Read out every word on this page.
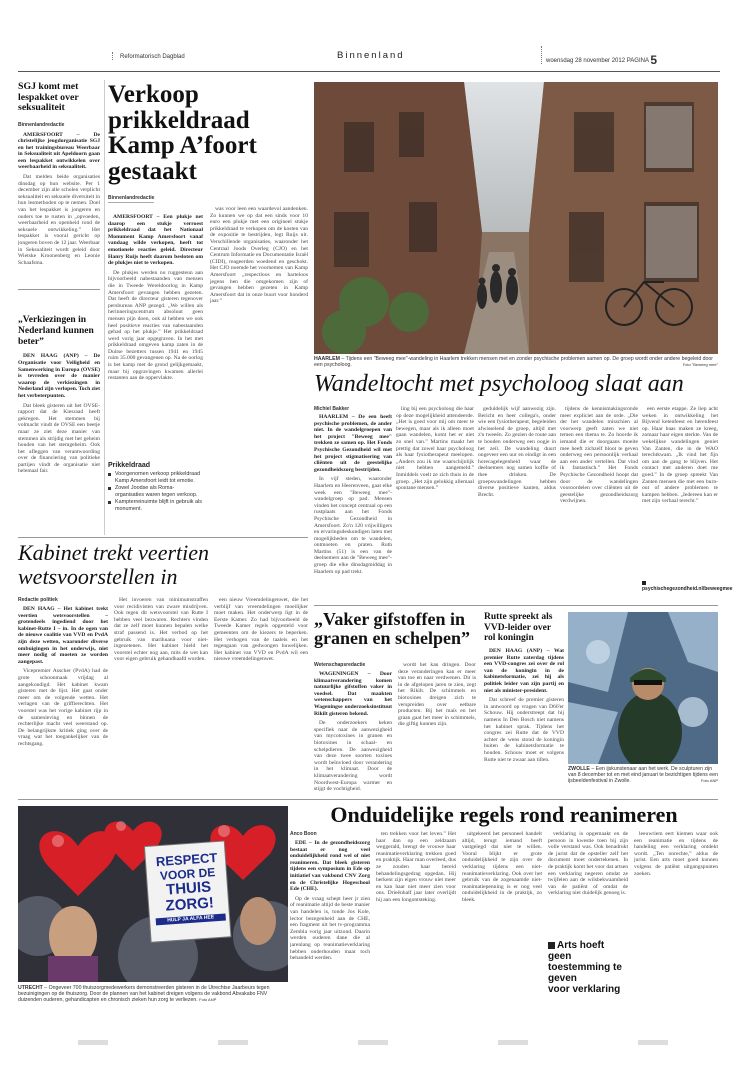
Reformatorisch Dagblad	Binnenland	woensdag 28 november 2012 PAGINA 5
SGJ komt met lespakket over seksualiteit
Binnenlandredactie

AMERSFOORT – De christelijke jeugdorganisatie SGJ en het trainingsbureau Weerbaar in Seksualiteit uit Apeldoorn gaan een lespakket ontwikkelen over weerbaarheid in seksualiteit.

Dat melden beide organisaties dinsdag op hun website. Per 1 december zijn alle scholen verplicht seksualiteit en seksuele diversiteit in hun lesmethoden op te nemen. Doel van het lespakket is jongeren en ouders toe te rusten in „opvoeden, weerbaarheid en openheid rond de seksuele ontwikkeling.” Het lespakket is vooral gericht op jongeren boven de 12 jaar. Weerbaar in Seksualiteit wordt geleid door Wietske Kroonenberg en Leonie Schaafsma.

„Verkiezingen in Nederland kunnen beter”

DEN HAAG (ANP) – De Organisatie voor Veiligheid en Samenwerking in Europa (OVSE) is tevreden over de manier waarop de verkiezingen in Nederland zijn verlopen. Toch ziet het verbeterpunten.

Dat bleek gisteren uit het OVSE-rapport dat de Kiesraad heeft gekregen. Het stemmen bij volmacht vindt de OVSE een beetje maar ze ziet deze manier van stemmen als strijdig met het geheim houden van het stemgeheim. Ook het afleggen van verantwoording over de financiering van politieke partijen vindt de organisatie niet helemaal fair.

Verkoop prikkeldraad Kamp A’foort gestaakt
Binnenlandredactie

AMERSFOORT – Een plukje net daarop een stukje verroest prikkeldraad dat het Nationaal Monument Kamp Amersfoort vanaf vandaag wilde verkopen, heeft tot emotionele reacties geleid. Directeur Hanry Ruijs heeft daarom besloten om de plukjes niet te verkopen.

De plukjes werden nu ruggesteun aan bijvoorbeeld nabestaanden van mensen die in Tweede Wereldoorlog in Kamp Amersfoort gevangen hebben gezeten. Dat heeft de directeur gisteren tegenover persbureau ANP gezegd. „We willen als herinneringscentrum absoluut geen mensen pijn doen, ook al hebben we ook heel positieve reacties van nabestaanden gehad op het plukje.” Het prikkeldraad werd vorig jaar opgegraven. In het met prikkeldraad omgeven kamp zaten in de Duitse bezetters tussen 1941 en 1945 ruim 35.000 gevangenen op. Na de oorlog is het kamp met de grond gelijkgemaakt, maar bij opgravingen kwamen allerlei restanten aan de oppervlakte.

was voor leen een waardevol aandenken. Zo kunnen we op dat een sinds voor 10 euro een plukje met een origineel stukje prikkeldraad te verkopen om de kosten van de expositie te bestrijden, legt Ruijs uit. Verschillende organisaties, waaronder het Centraal Joods Overleg (CJO) en het Centrum Informatie en Documentatie Israël (CIDI), reageerden woedend en geschokt. Het CJO noemde het voornemen van Kamp Amersfoort „respectloos en harteloos jegens hen die omgekomen zijn of gevangen hebben gezeten in Kamp Amersfoort dat in onze buurt voor honderd jaar.”

Prikkeldraad
Voorgenomen verkoop prikkeldraad Kamp Amersfoort leidt tot emotie.
Zowel Joodse als Roma-organisaties waren tegen verkoop.
Kampterreinuimte blijft in gebruik als monument.
HAARLEM – Tijdens een "Beweeg mee"-wandeling in Haarlem trekken mensen met en zonder psychische problemen samen op. De groep wordt onder andere begeleid door een psycholoog.	Foto "Beweeg mee"
Wandeltocht met psycholoog slaat aan
Michiel Bakker

HAARLEM – De een heeft psychische problemen, de ander niet. In de wandelgroepen van het project "Beweeg mee" trekken ze samen op. Het Fonds Psychische Gezondheid wil met het project stigmatisering van cliënten uit de geestelijke gezondheidszorg bestrijden.

In vijf steden, waaronder Haarlem en Heerenveen, gaat elke week een "Beweeg mee"-wandelgroep op pad. Mensen vinden het concept centraal op een rustplaats aan het Fonds Psychische Gezondheid in Amersfoort. Zo'n 120 vrijwilligers en ervaringsdeskundigen laten met mogelijkheden om te wandelen, ontmoeten en praten. Ruth Martins (51) is een van de deelnemers aan de "Beweeg mee"-groep die elke dinsdagmiddag in Haarlem op pad trekt.

ling bij een psycholoog die haar op deze mogelijkheid attendeerde. „Het is goed voor mij om meer te bewegen, maar als ik alleen moet gaan wandelen, komt het er niet zo snel van.” Martins maakt het prettig dat zowel haar psycholoog als haar fysiotherapeut meelopen. „Anders zou ik me waarschijnlijk niet hebben aangemeld.” Inmiddels voelt ze zich thuis in de groep. „Het zijn gelukkig allemaal spontane mensen.”

geduldelijk wijf aanwezig zijn. Bericht en heer collega's, onder wie een fysiotherapeut, begeleiden afwisselend de groep, altijd met z'n tweeën. Zo gezien de route aan te houden onderweg een oogje in het zeil. De wandeling duurt ongeveer een uur en eindigt in een horecagelegenheid waar de deelnemers nog samen koffie of thee drinken. De groepswandelingen hebben diverse positieve kanten, aldus Brecht.

tijdens de kennismakingsronde meer expliciet aan de orde. „Die der het wandelen misschien al voorwerp geeft zaten we niet temen een thema te. Zo hoorde ik iemand die er doorgaans moeite mee heeft zichzelf bloot te geven onderweg een persoonlijk verhaal aan een ander vertellen. Dat vind ik fantastisch.” Het Fonds Psychische Gezondheid hoopt dat door de wandelingen vooroordelen over cliënten uit de geestelijke gezondheidszorg verdwijnen.

een eerste etappe. Ze liep acht weken in ontwikkeling het Bijvend ketenfeest en herenfeest op. Haar baas maken ze kreeg, zomaar haar eigen sterkte. Van de wekelijkse wandelingen geniet Van Zanten, die in de WAO terechtkwam. „Ik vind het fijn om aan de gang te blijven. Het contact met anderen doet me goed.” In de groep spreekt Van Zanten mensen die met een burn-out of andere problemen te kampen hebben. „Iedereen kan er met zijn verhaal terecht.”

psychischegezondheid.nl/beweegmee
Kabinet trekt veertien wetsvoorstellen in
Redactie politiek

DEN HAAG – Het kabinet trekt veertien wetsvoorstellen – grotendeels ingediend door het kabinet-Rutte I – in. In de ogen van de nieuwe coalitie van VVD en PvdA zijn deze wetten, waaronder diverse ombuigingen in het onderwijs, niet meer nodig of moeten ze worden aangepast.

Vicepremier Asscher (PvdA) had de grote schoonmaak vrijdag al aangekondigd. Het kabinet kwam gisteren met de lijst. Het gaat onder meer om de volgende wetten. Het verlagen van de griffierechten. Het voorstel was het vorige kabinet rijp in de samenleving en binnen de rechterlijke macht veel weerstand op. De belangrijkste kritiek ging over de vraag wat het toegankelijker van de rechtsgang.

Het invoeren van minimumstraffen voor recidivisten van zware misdrijven. Ook tegen dit wetsvoorstel van Rutte I hebben veel bezwaren. Rechters vinden dat ze zelf moet kunnen bepalen welke straf passend is. Het verbod op het gebruik van marihuana voor niet-ingezetenen. Het kabinet hield het voorstel echter nog aan, mits de wet kan voor eigen gebruik gehandhaafd worden.

een nieuw Vreemdelingenwet, die het verblijf van vreemdelingen moeilijker moet maken. Het onderwerp ligt in de Eerste Kamer. Zo had bijvoorbeeld de Tweede Kamer regels opgesteld voor gemeenten om de kiezers te beperken. Het verhogen van de taaleis en het tegengaan van gedwongen huwelijken. Het kabinet van VVD en PvdA wil een nieuwe vreemdelingenwet.

„Vaker gifstoffen in granen en schelpen”
Wetenschapsredactie

WAGENINGEN – Door klimaatverandering komen natuurlijke gifstoffen vaker in voedsel. Dat maakten wetenschappers van het Wageningse onderzoeksinstituut Rikilt gisteren bekend.

De onderzoekers keken specifiek naar de aanwezigheid van mycotoxines in granen en biotoxines in schaal- en schelpdieren. De aanwezigheid van deze twee soorten toxines wordt beïnvloed door verandering in het klimaat. Door de klimaatverandering wordt Noordwest-Europa warmer en stijgt de vochtigheid.

wordt het kan dringen. Door deze veranderingen kan er meer van toe en naar verdwenen. Dit is in de afgelopen jaren te zien, zegt het Rikilt. De schimmels en biotoxines dreigen zich te verspreiden over eetbare producten. Bij het maïs en het graan gaat het meer in schimmels, die giftig kunnen zijn.

Rutte spreekt als VVD-leider over rol koningin

DEN HAAG (ANP) – Wat premier Rutte zaterdag tijdens een VVD-congres zei over de rol van de koningin in de kabinetsformatie, zei hij als politiek leider van zijn partij en niet als minister-president.

Dat schreef de premier gisteren in antwoord op vragen van D66'er Schouw. Hij onderstreept dat hij namens In Den Bosch niet namens het kabinet sprak. Tijdens het congres zei Rutte dat de VVD achter de wens stond de koningin buiten de kabinetsformatie te houden. Schouw moet er volgens Rutte niet te zwaar aan tillen.

ZWOLLE – Een ijskunstenaar aan het werk. De sculpturen zijn van 8 december tot en met eind januari te bezichtigen tijdens een ijsbeeldenfestival in Zwolle.	Foto ANP
RESPECT
VOOR DE
THUIS
ZORG!
HULP JA ALFA HEE
UTRECHT – Ongeveer 700 thuiszorgmedewerkers demonstreerden gisteren in de Utrechtse Jaarbeurs tegen bezuinigingen op de thuiszorg. Door de plannen van het kabinet dreigen volgens de vakbond Abvakabo FNV duizenden ouderen, gehandicapten en chronisch zieken hun zorg te verliezen. Foto ANP
Onduidelijke regels rond reanimeren
Anco Boon

EDE – In de gezondheidszorg bestaat er nog veel onduidelijkheid rond wel of niet reanimeren. Dat bleek gisteren tijdens een symposium in Ede op initiatief van vakbond CNV Zorg en de Christelijke Hogeschool Ede (CHE).

Op de vraag schept heer jr zien of reanimatie altijd de beste manier van handelen is, tonde Jos Kole, lector bezegenheid aan de CHE, een fragment uit het tv-programma Zembla vorig jaar uitzond. Daarin werden ouderen dane die al jarenlang op reanimatieverklaring hebben onderhouden maar toch behandeld werden.

ten trekken voor het leven.” Het haar dan op een zeldzaam weggerald, brengt de vrouwe haar reanimatieverklaring trekken goed en praktijk. Haar man overleed, dus ze zouden haar bereid behandelingsgedrag opgedan. Hij herkent zijn eigen vrouw niet meer en kan haar niet meer zien voor ons. Drieënhalf jaar later overlijdt hij aan een longontsteking.

uitgekeerd het personeel handelt altijd, terugt iemand heeft vastgelegd dat niet te willen. Vooral blijkt er grote onduidelijkheid te zijn over de verklaring tijdens een niet-reanimatieverklaring. Ook over het gebruik van de zogenaamde niet-reanimatiepenning is er nog veel onduidelijkheid in de praktijk, zo bleek.

verklaring is opgemaakt en de persoon in kwestie toen bij zijn volle verstand was. Ook benadrukt de jurist dat de opsteller zelf het document moet ondertekenen. In de praktijk komt het voor dat artsen een verklaring negeren omdat ze twijfelen aan de wilsbekwaamheid van de patiënt of omdat de verklaring niet duidelijk genoeg is.

Arts hoeft
geen toestemming te geven
voor verklaring

leeuwriem eert kiemen waar ook een reanimatie en tijdens de handeling een verklaring ontdekt wordt. „Ten onrechte,” aldus de jurist. Een arts moet goed kunnen volgens de patiënt uitgangspunten zoeken.
